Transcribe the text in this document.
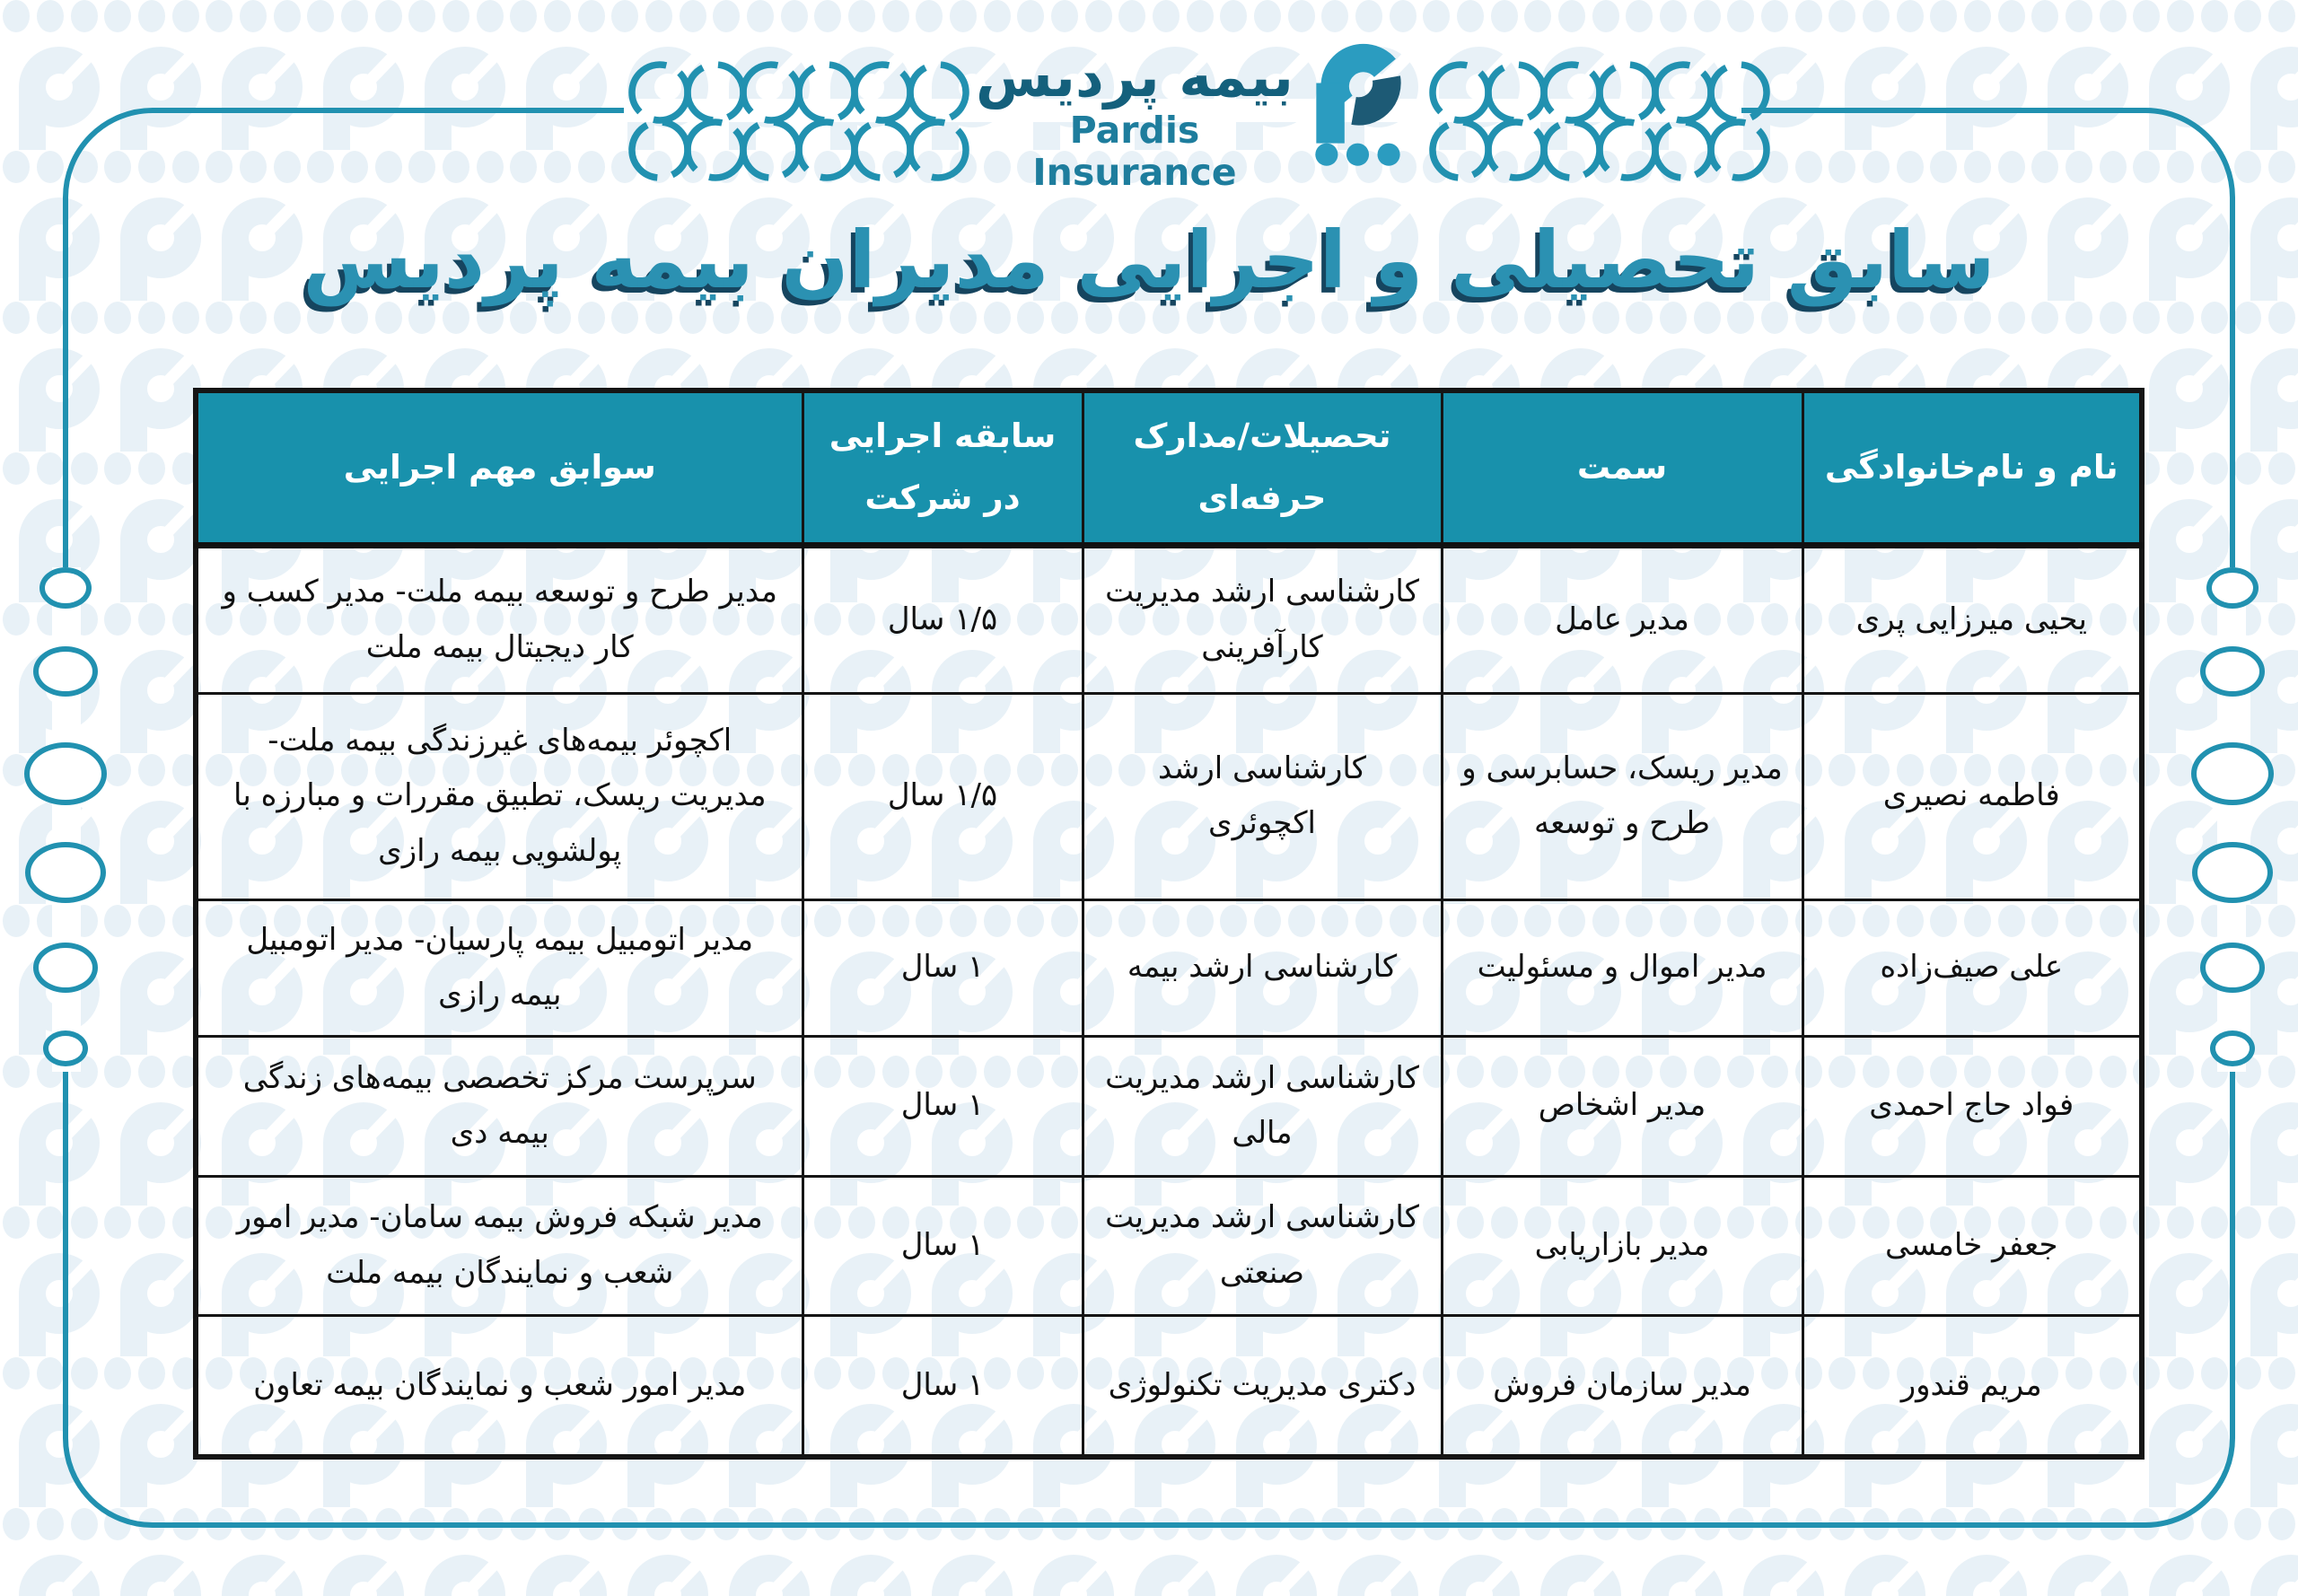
بیمه پردیس
Pardis Insurance
سابق تحصیلی و اجرایی مدیران بیمه پردیس
نام و نام‌خانوادگی	سمت	تحصیلات/مدارک حرفه‌ای	سابقه اجرایی در شرکت	سوابق مهم اجرایی
یحیی میرزایی پری	مدیر عامل	کارشناسی ارشد مدیریت کارآفرینی	۱/۵ سال	مدیر طرح و توسعه بیمه ملت- مدیر کسب و کار دیجیتال بیمه ملت
فاطمه نصیری	مدیر ریسک، حسابرسی و طرح و توسعه	کارشناسی ارشد اکچوئری	۱/۵ سال	اکچوئر بیمه‌های غیرزندگی بیمه ملت- مدیریت ریسک، تطبیق مقررات و مبارزه با پولشویی بیمه رازی
علی صیف‌زاده	مدیر اموال و مسئولیت	کارشناسی ارشد بیمه	۱ سال	مدیر اتومبیل بیمه پارسیان- مدیر اتومبیل بیمه رازی
فواد حاج احمدی	مدیر اشخاص	کارشناسی ارشد مدیریت مالی	۱ سال	سرپرست مرکز تخصصی بیمه‌های زندگی بیمه دی
جعفر خامسی	مدیر بازاریابی	کارشناسی ارشد مدیریت صنعتی	۱ سال	مدیر شبکه فروش بیمه سامان- مدیر امور شعب و نمایندگان بیمه ملت
مریم قندور	مدیر سازمان فروش	دکتری مدیریت تکنولوژی	۱ سال	مدیر امور شعب و نمایندگان بیمه تعاون
